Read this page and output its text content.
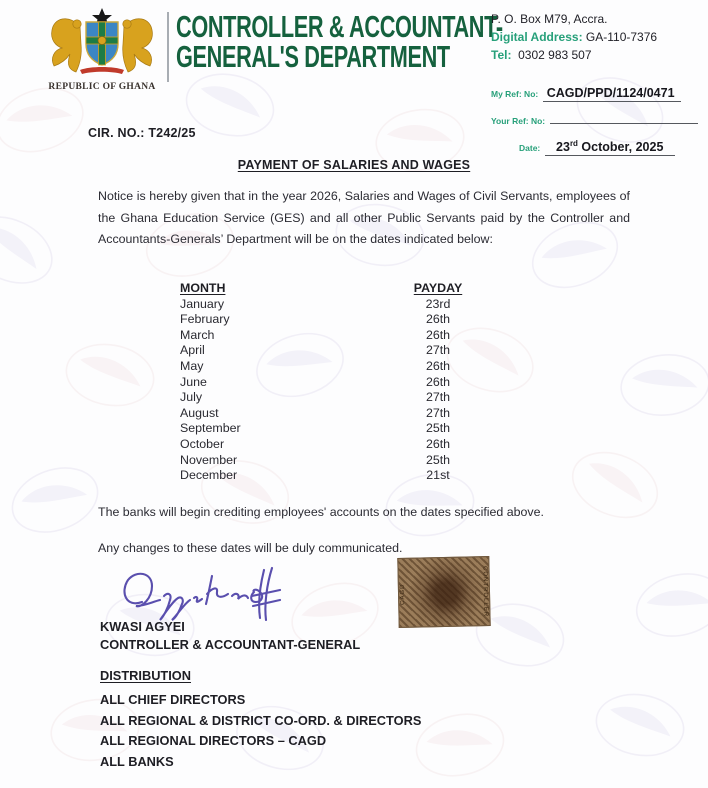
REPUBLIC OF GHANA
CONTROLLER & ACCOUNTANT-
GENERAL'S DEPARTMENT
P. O. Box M79, Accra.
Digital Address: GA-110-7376
Tel: 0302 983 507
My Ref: No: CAGD/PPD/1124/0471
Your Ref: No:
Date: 23rd October, 2025
CIR. NO.: T242/25
PAYMENT OF SALARIES AND WAGES

Notice is hereby given that in the year 2026, Salaries and Wages of Civil Servants, employees of the Ghana Education Service (GES) and all other Public Servants paid by the Controller and Accountants-Generals’ Department will be on the dates indicated below:

MONTH	PAYDAY
January	23rd
February	26th
March	26th
April	27th
May	26th
June	26th
July	27th
August	27th
September	25th
October	26th
November	25th
December	21st
The banks will begin crediting employees' accounts on the dates specified above.
Any changes to these dates will be duly communicated.
CAGD	CONTROLLER
KWASI AGYEI
CONTROLLER & ACCOUNTANT-GENERAL
DISTRIBUTION
ALL CHIEF DIRECTORS
ALL REGIONAL & DISTRICT CO-ORD. & DIRECTORS
ALL REGIONAL DIRECTORS – CAGD
ALL BANKS
